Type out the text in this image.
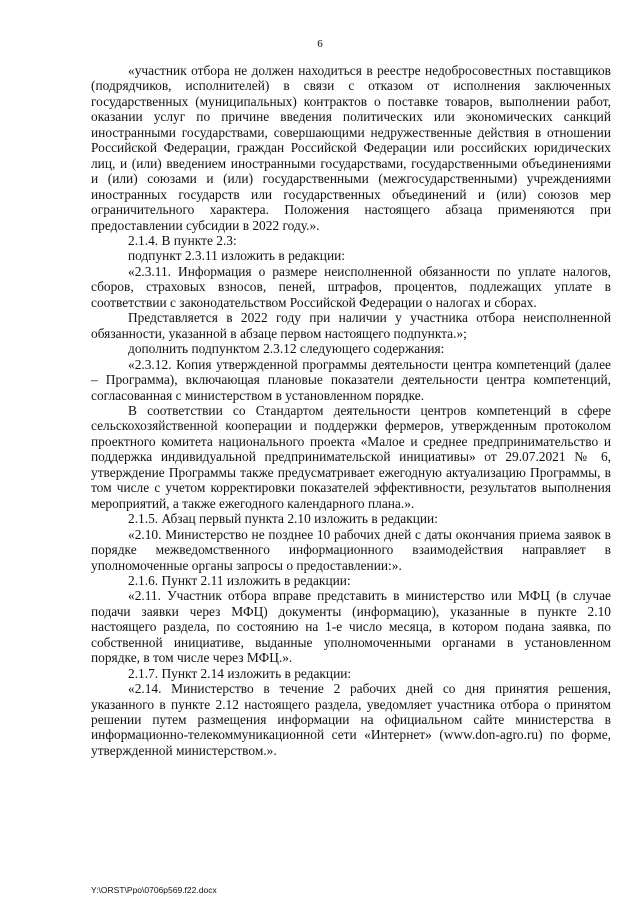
6

«участник отбора не должен находиться в реестре недобросовестных поставщиков (подрядчиков, исполнителей) в связи с отказом от исполнения заключенных государственных (муниципальных) контрактов о поставке товаров, выполнении работ, оказании услуг по причине введения политических или экономических санкций иностранными государствами, совершающими недружественные действия в отношении Российской Федерации, граждан Российской Федерации или российских юридических лиц, и (или) введением иностранными государствами, государственными объединениями и (или) союзами и (или) государственными (межгосударственными) учреждениями иностранных государств или государственных объединений и (или) союзов мер ограничительного характера. Положения настоящего абзаца применяются при предоставлении субсидии в 2022 году.».

2.1.4. В пункте 2.3:

подпункт 2.3.11 изложить в редакции:

«2.3.11. Информация о размере неисполненной обязанности по уплате налогов, сборов, страховых взносов, пеней, штрафов, процентов, подлежащих уплате в соответствии с законодательством Российской Федерации о налогах и сборах.

Представляется в 2022 году при наличии у участника отбора неисполненной обязанности, указанной в абзаце первом настоящего подпункта.»;

дополнить подпунктом 2.3.12 следующего содержания:

«2.3.12. Копия утвержденной программы деятельности центра компетенций (далее – Программа), включающая плановые показатели деятельности центра компетенций, согласованная с министерством в установленном порядке.

В соответствии со Стандартом деятельности центров компетенций в сфере сельскохозяйственной кооперации и поддержки фермеров, утвержденным протоколом проектного комитета национального проекта «Малое и среднее предпринимательство и поддержка индивидуальной предпринимательской инициативы» от 29.07.2021 № 6, утверждение Программы также предусматривает ежегодную актуализацию Программы, в том числе с учетом корректировки показателей эффективности, результатов выполнения мероприятий, а также ежегодного календарного плана.».

2.1.5. Абзац первый пункта 2.10 изложить в редакции:

«2.10. Министерство не позднее 10 рабочих дней с даты окончания приема заявок в порядке межведомственного информационного взаимодействия направляет в уполномоченные органы запросы о предоставлении:».

2.1.6. Пункт 2.11 изложить в редакции:

«2.11. Участник отбора вправе представить в министерство или МФЦ (в случае подачи заявки через МФЦ) документы (информацию), указанные в пункте 2.10 настоящего раздела, по состоянию на 1-е число месяца, в котором подана заявка, по собственной инициативе, выданные уполномоченными органами в установленном порядке, в том числе через МФЦ.».

2.1.7. Пункт 2.14 изложить в редакции:

«2.14. Министерство в течение 2 рабочих дней со дня принятия решения, указанного в пункте 2.12 настоящего раздела, уведомляет участника отбора о принятом решении путем размещения информации на официальном сайте министерства в информационно-телекоммуникационной сети «Интернет» (www.don-agro.ru) по форме, утвержденной министерством.».

Y:\ORST\Ppo\0706p569.f22.docx
